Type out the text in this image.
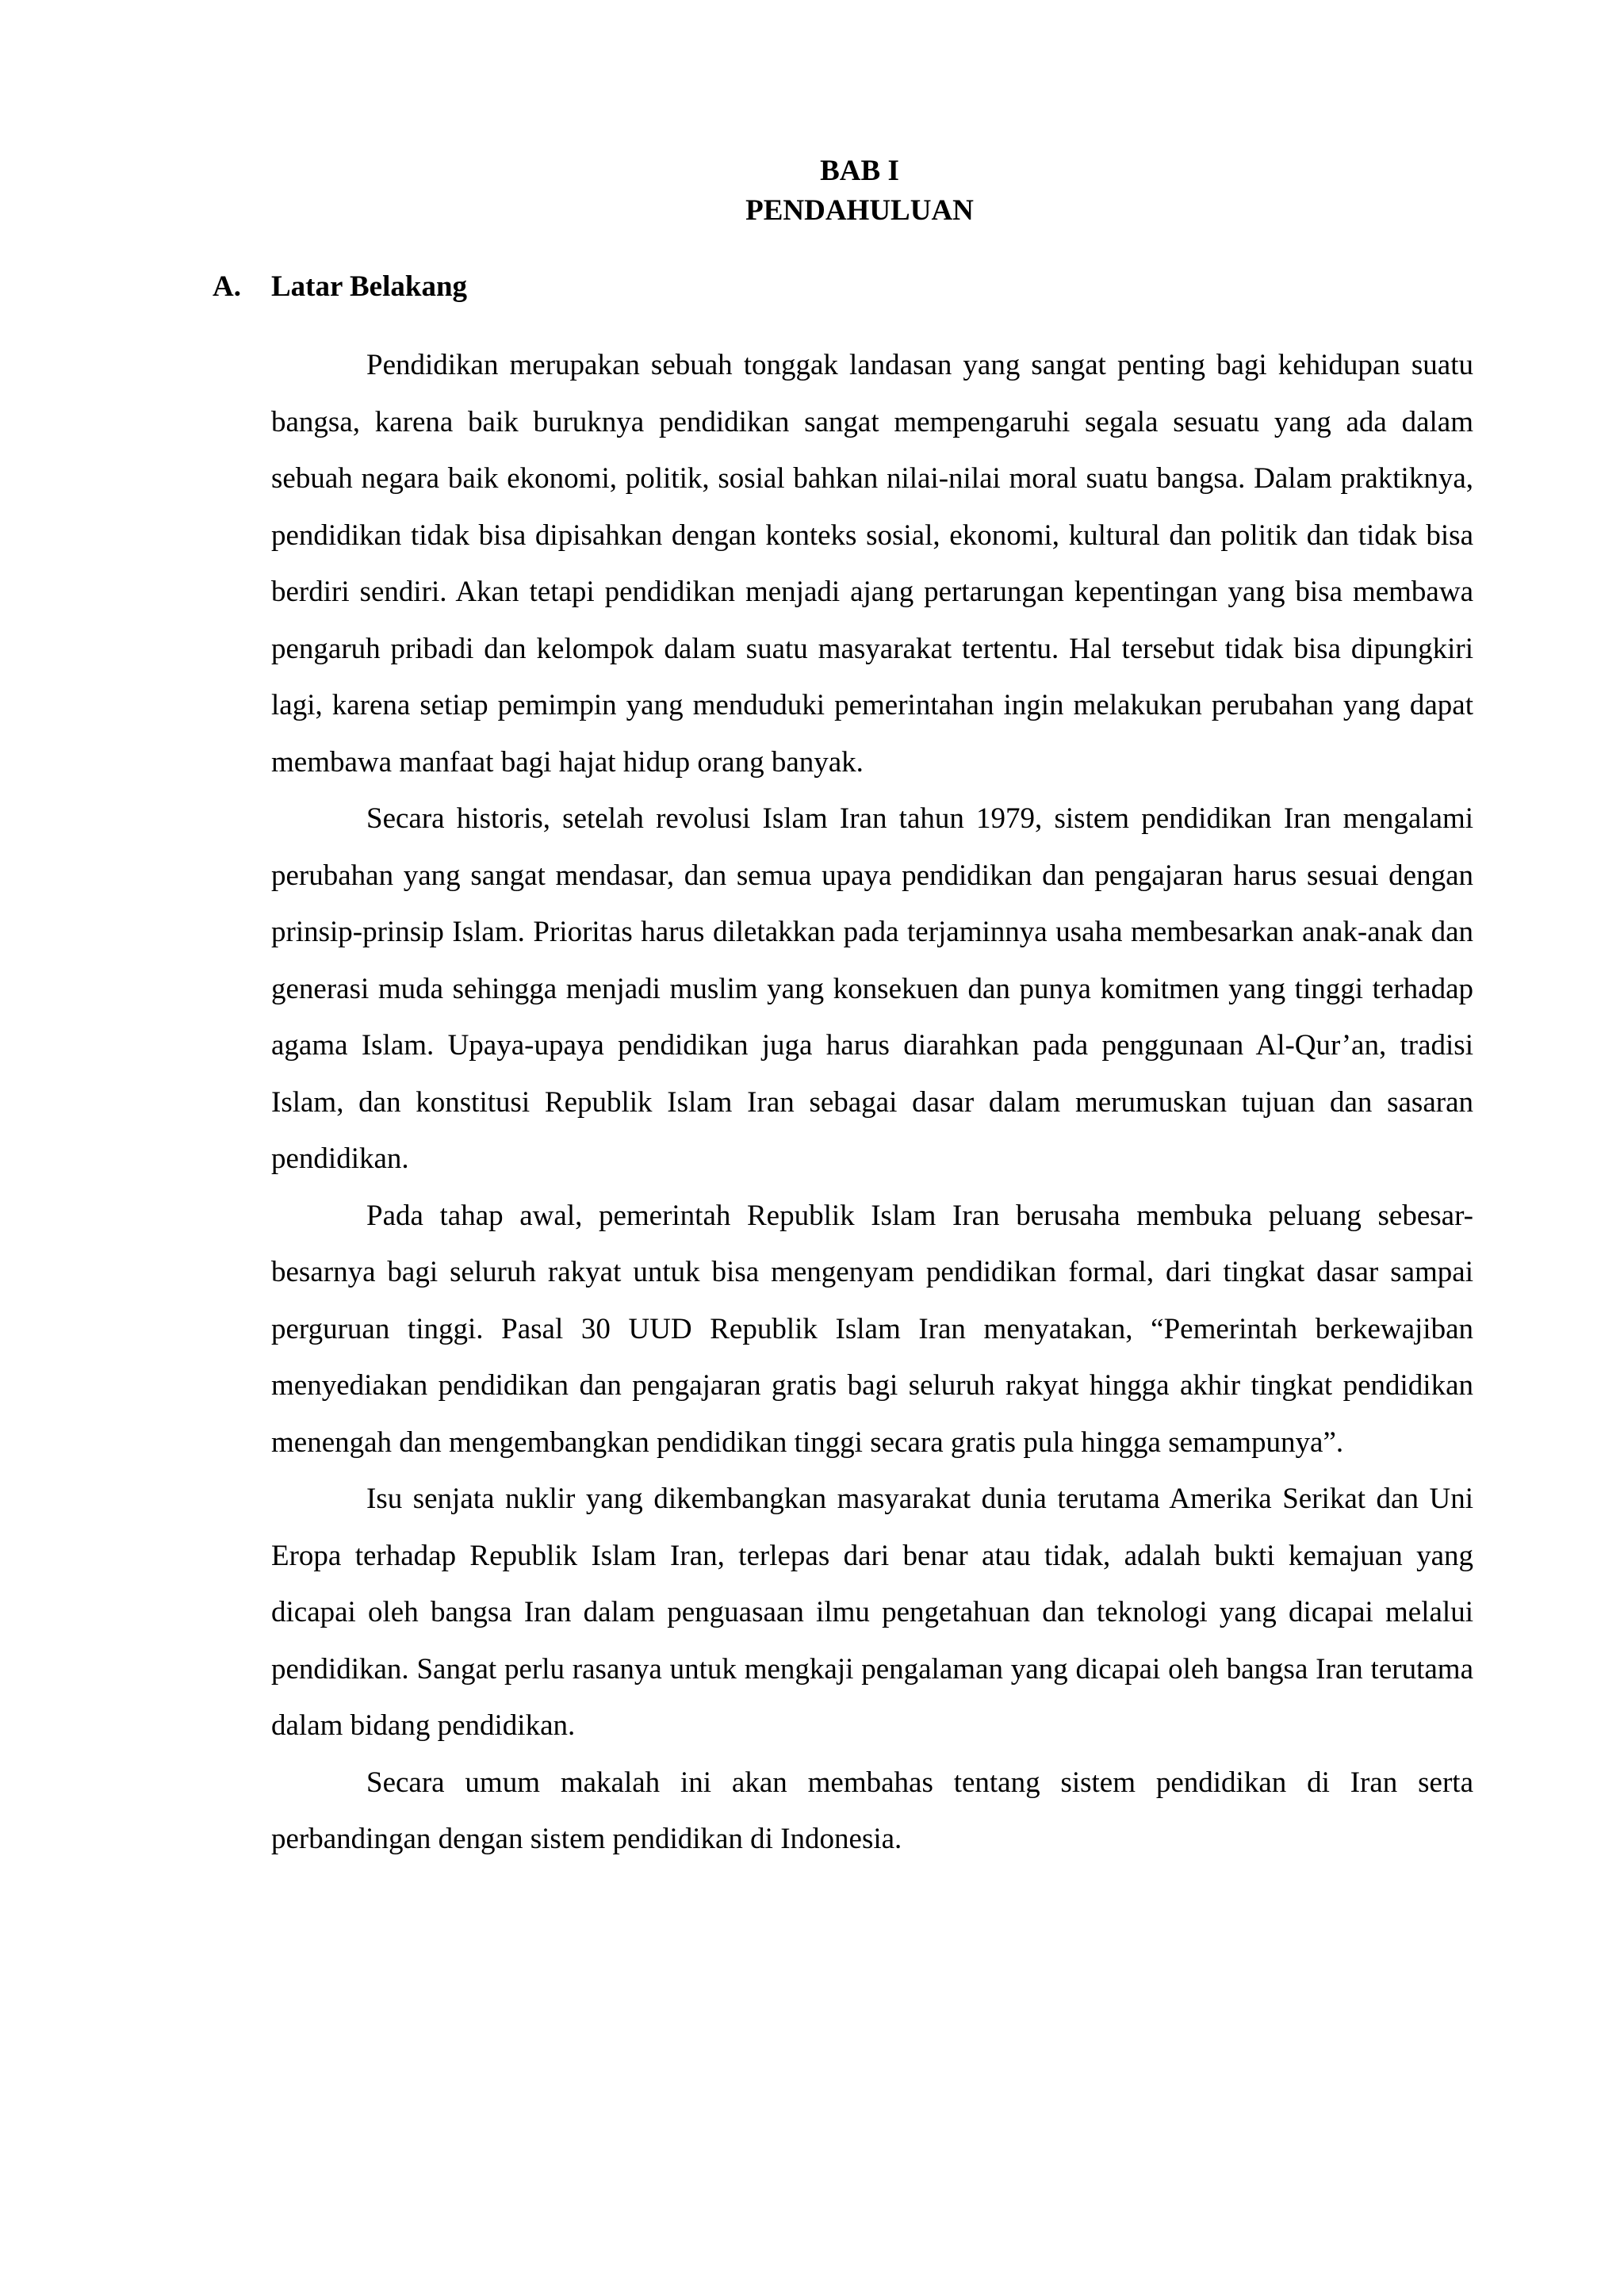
BAB I
PENDAHULUAN
A. Latar Belakang

Pendidikan merupakan sebuah tonggak landasan yang sangat penting bagi kehidupan suatu bangsa, karena baik buruknya pendidikan sangat mempengaruhi segala sesuatu yang ada dalam sebuah negara baik ekonomi, politik, sosial bahkan nilai-nilai moral suatu bangsa. Dalam praktiknya, pendidikan tidak bisa dipisahkan dengan konteks sosial, ekonomi, kultural dan politik dan tidak bisa berdiri sendiri. Akan tetapi pendidikan menjadi ajang pertarungan kepentingan yang bisa membawa pengaruh pribadi dan kelompok dalam suatu masyarakat tertentu. Hal tersebut tidak bisa dipungkiri lagi, karena setiap pemimpin yang menduduki pemerintahan ingin melakukan perubahan yang dapat membawa manfaat bagi hajat hidup orang banyak.

Secara historis, setelah revolusi Islam Iran tahun 1979, sistem pendidikan Iran mengalami perubahan yang sangat mendasar, dan semua upaya pendidikan dan pengajaran harus sesuai dengan prinsip-prinsip Islam. Prioritas harus diletakkan pada terjaminnya usaha membesarkan anak-anak dan generasi muda sehingga menjadi muslim yang konsekuen dan punya komitmen yang tinggi terhadap agama Islam. Upaya-upaya pendidikan juga harus diarahkan pada penggunaan Al-Qur’an, tradisi Islam, dan konstitusi Republik Islam Iran sebagai dasar dalam merumuskan tujuan dan sasaran pendidikan.

Pada tahap awal, pemerintah Republik Islam Iran berusaha membuka peluang sebesar-besarnya bagi seluruh rakyat untuk bisa mengenyam pendidikan formal, dari tingkat dasar sampai perguruan tinggi. Pasal 30 UUD Republik Islam Iran menyatakan, “Pemerintah berkewajiban menyediakan pendidikan dan pengajaran gratis bagi seluruh rakyat hingga akhir tingkat pendidikan menengah dan mengembangkan pendidikan tinggi secara gratis pula hingga semampunya”.

Isu senjata nuklir yang dikembangkan masyarakat dunia terutama Amerika Serikat dan Uni Eropa terhadap Republik Islam Iran, terlepas dari benar atau tidak, adalah bukti kemajuan yang dicapai oleh bangsa Iran dalam penguasaan ilmu pengetahuan dan teknologi yang dicapai melalui pendidikan. Sangat perlu rasanya untuk mengkaji pengalaman yang dicapai oleh bangsa Iran terutama dalam bidang pendidikan.

Secara umum makalah ini akan membahas tentang sistem pendidikan di Iran serta perbandingan dengan sistem pendidikan di Indonesia.
